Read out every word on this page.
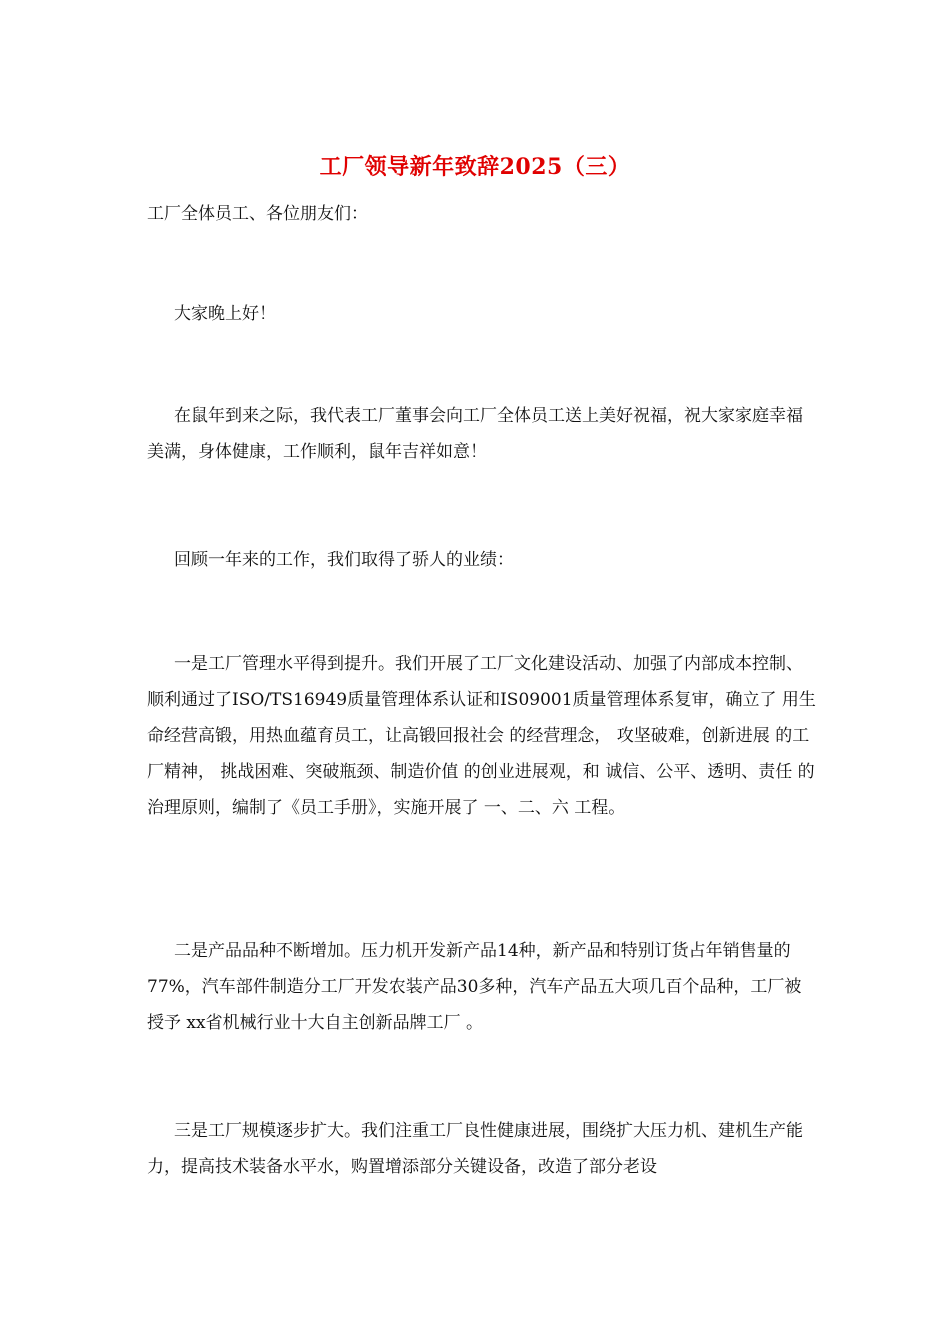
工厂领导新年致辞2025（三）

工厂全体员工、各位朋友们：

大家晚上好！

在鼠年到来之际，我代表工厂董事会向工厂全体员工送上美好祝福，祝大家家庭幸福美满，身体健康，工作顺利，鼠年吉祥如意！

回顾一年来的工作，我们取得了骄人的业绩：

一是工厂管理水平得到提升。我们开展了工厂文化建设活动、加强了内部成本控制、顺利通过了ISO/TS16949质量管理体系认证和IS09001质量管理体系复审，确立了 用生命经营高锻，用热血蕴育员工，让高锻回报社会 的经营理念， 攻坚破难，创新进展 的工厂精神， 挑战困难、突破瓶颈、制造价值 的创业进展观，和 诚信、公平、透明、责任 的治理原则，编制了《员工手册》，实施开展了 一、二、六 工程。

二是产品品种不断增加。压力机开发新产品14种，新产品和特别订货占年销售量的77%，汽车部件制造分工厂开发农装产品30多种，汽车产品五大项几百个品种，工厂被授予 xx省机械行业十大自主创新品牌工厂 。

三是工厂规模逐步扩大。我们注重工厂良性健康进展，围绕扩大压力机、建机生产能力，提高技术装备水平水，购置增添部分关键设备，改造了部分老设
